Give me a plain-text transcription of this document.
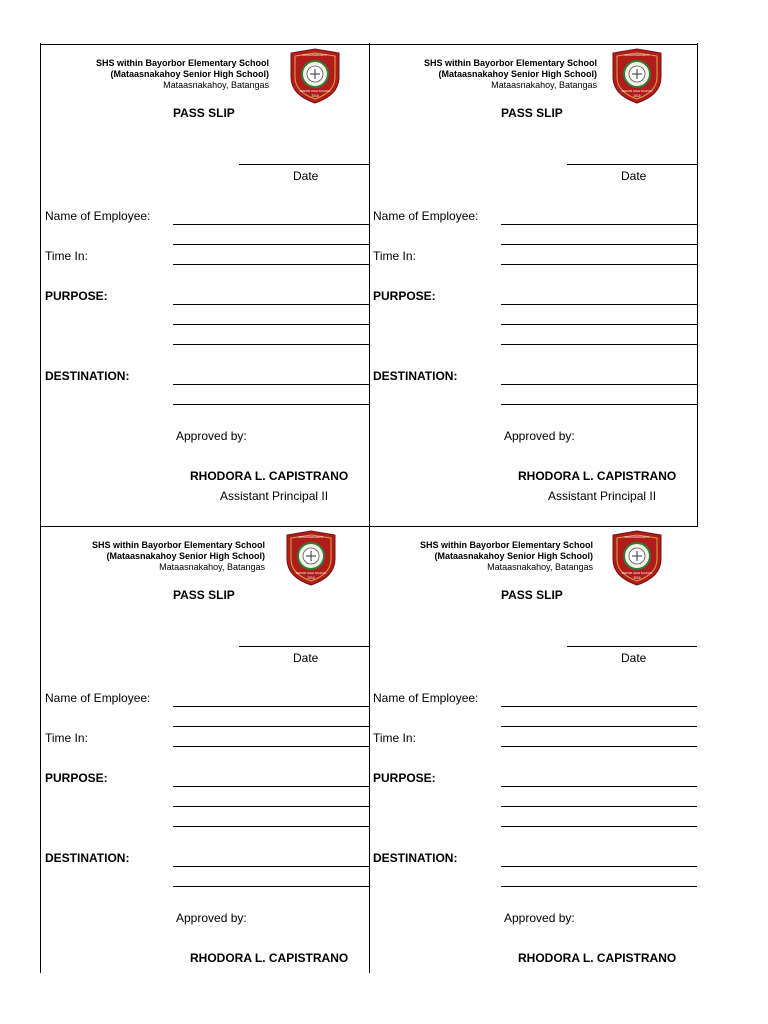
SHS within Bayorbor Elementary School
(Mataasnakahoy Senior High School)
Mataasnakahoy, Batangas
MATAASNAKAHOY
SENIOR HIGH SCHOOL
2016
PASS SLIP
Date
Name of Employee:
Time In:
PURPOSE:
DESTINATION:
Approved by:
RHODORA L. CAPISTRANO
Assistant Principal II
SHS within Bayorbor Elementary School
(Mataasnakahoy Senior High School)
Mataasnakahoy, Batangas
MATAASNAKAHOY
SENIOR HIGH SCHOOL
2016
PASS SLIP
Date
Name of Employee:
Time In:
PURPOSE:
DESTINATION:
Approved by:
RHODORA L. CAPISTRANO
Assistant Principal II
SHS within Bayorbor Elementary School
(Mataasnakahoy Senior High School)
Mataasnakahoy, Batangas
MATAASNAKAHOY
SENIOR HIGH SCHOOL
2016
PASS SLIP
Date
Name of Employee:
Time In:
PURPOSE:
DESTINATION:
Approved by:
RHODORA L. CAPISTRANO
SHS within Bayorbor Elementary School
(Mataasnakahoy Senior High School)
Mataasnakahoy, Batangas
MATAASNAKAHOY
SENIOR HIGH SCHOOL
2016
PASS SLIP
Date
Name of Employee:
Time In:
PURPOSE:
DESTINATION:
Approved by:
RHODORA L. CAPISTRANO
